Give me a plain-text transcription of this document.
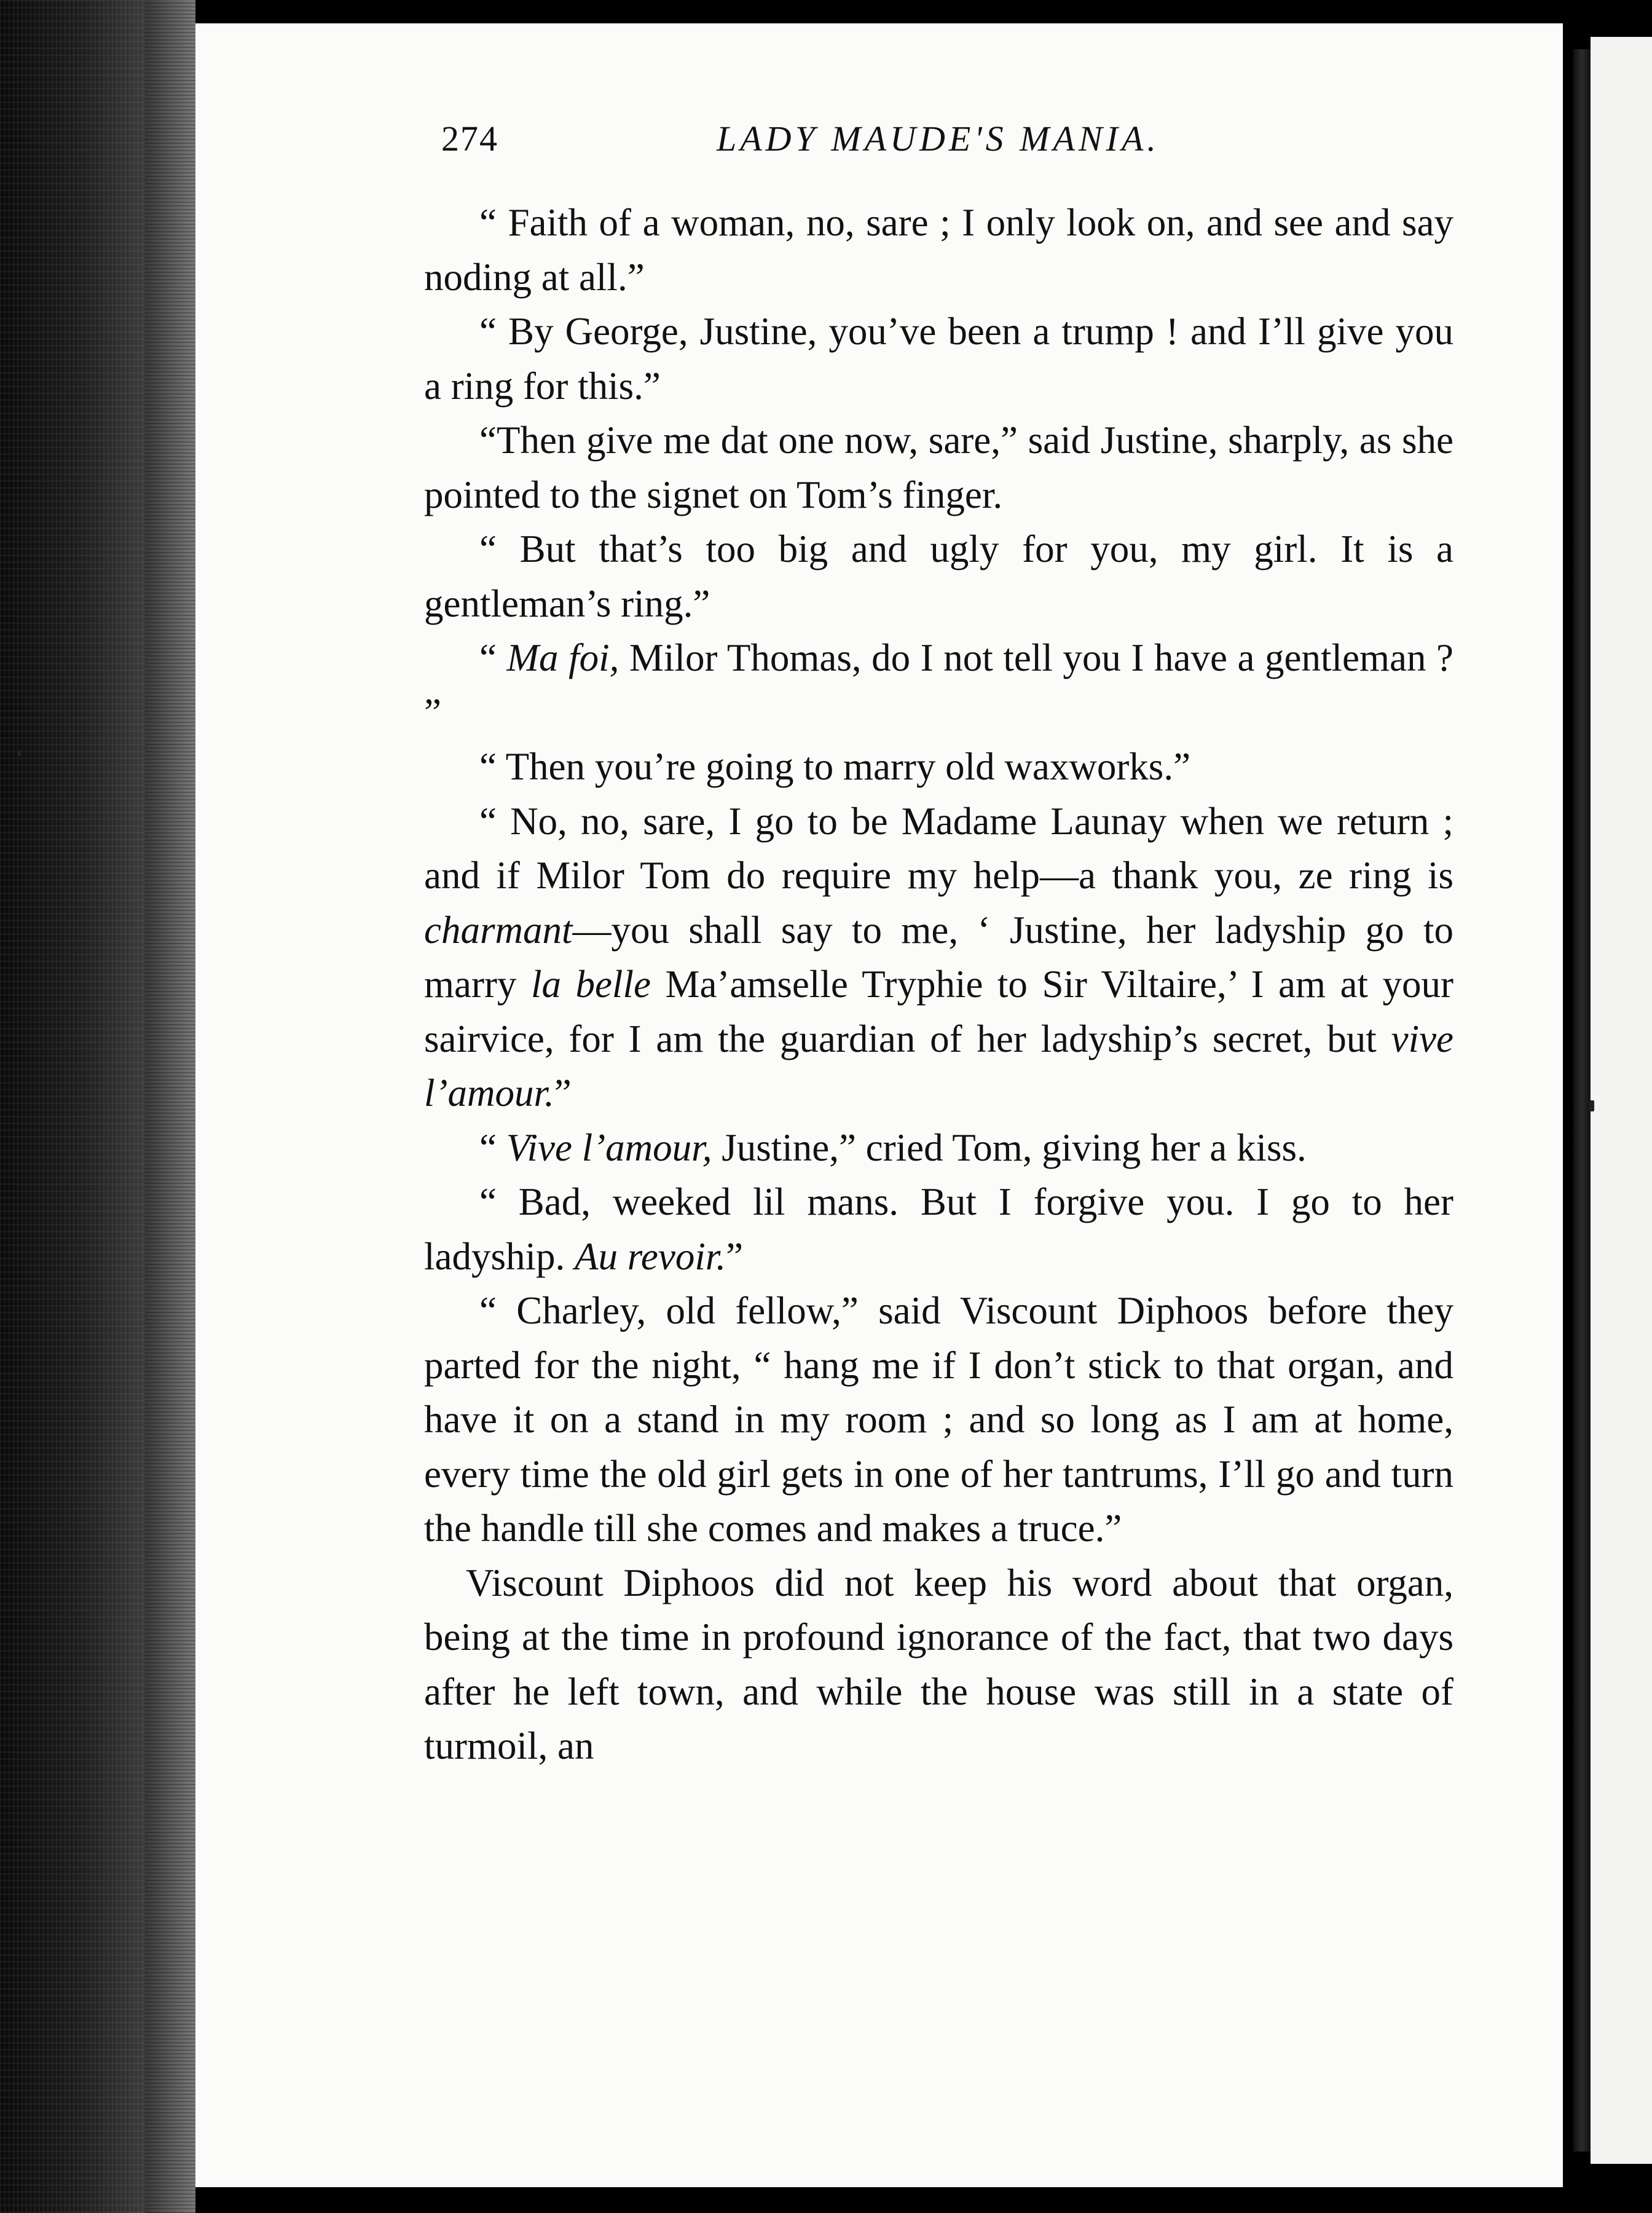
274	LADY MAUDE'S MANIA.

“ Faith of a woman, no, sare ; I only look on, and see and say noding at all.”

“ By George, Justine, you’ve been a trump ! and I’ll give you a ring for this.”

“Then give me dat one now, sare,” said Justine, sharply, as she pointed to the signet on Tom’s finger.

“ But that’s too big and ugly for you, my girl. It is a gentleman’s ring.”

“ Ma foi, Milor Thomas, do I not tell you I have a gentleman ? ”

“ Then you’re going to marry old waxworks.”

“ No, no, sare, I go to be Madame Launay when we return ; and if Milor Tom do require my help—a thank you, ze ring is charmant—you shall say to me, ‘ Justine, her ladyship go to marry la belle Ma’amselle Tryphie to Sir Viltaire,’ I am at your sairvice, for I am the guardian of her ladyship’s secret, but vive l’amour.”

“ Vive l’amour, Justine,” cried Tom, giving her a kiss.

“ Bad, weeked lil mans. But I forgive you. I go to her ladyship. Au revoir.”

“ Charley, old fellow,” said Viscount Diphoos before they parted for the night, “ hang me if I don’t stick to that organ, and have it on a stand in my room ; and so long as I am at home, every time the old girl gets in one of her tantrums, I’ll go and turn the handle till she comes and makes a truce.”

Viscount Diphoos did not keep his word about that organ, being at the time in profound ignorance of the fact, that two days after he left town, and while the house was still in a state of turmoil, an
